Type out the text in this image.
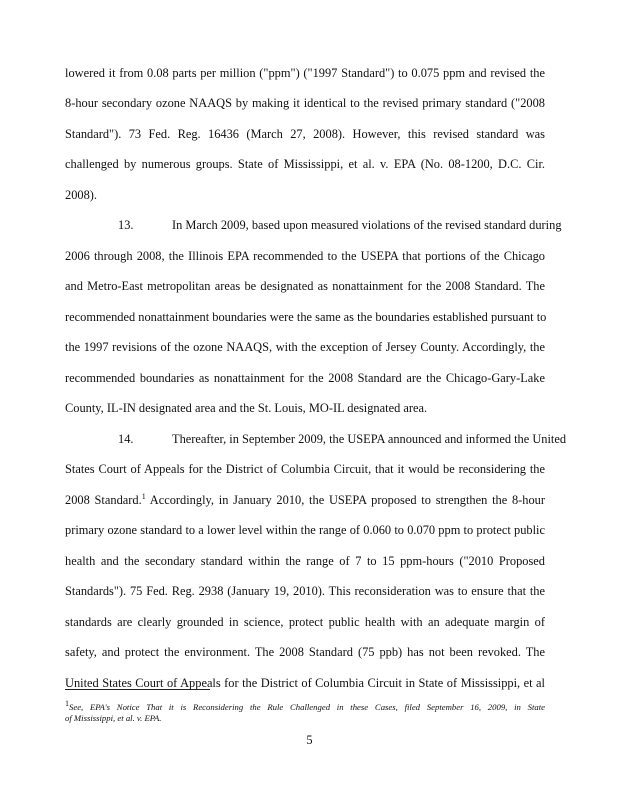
lowered it from 0.08 parts per million ("ppm") ("1997 Standard") to 0.075 ppm and revised the

8-hour secondary ozone NAAQS by making it identical to the revised primary standard ("2008

Standard"). 73 Fed. Reg. 16436 (March 27, 2008). However, this revised standard was

challenged by numerous groups. State of Mississippi, et al. v. EPA (No. 08-1200, D.C. Cir.

2008).

13.	In March 2009, based upon measured violations of the revised standard during

2006 through 2008, the Illinois EPA recommended to the USEPA that portions of the Chicago

and Metro-East metropolitan areas be designated as nonattainment for the 2008 Standard. The

recommended nonattainment boundaries were the same as the boundaries established pursuant to

the 1997 revisions of the ozone NAAQS, with the exception of Jersey County. Accordingly, the

recommended boundaries as nonattainment for the 2008 Standard are the Chicago-Gary-Lake

County, IL-IN designated area and the St. Louis, MO-IL designated area.

14.	Thereafter, in September 2009, the USEPA announced and informed the United

States Court of Appeals for the District of Columbia Circuit, that it would be reconsidering the

2008 Standard.$^1$ Accordingly, in January 2010, the USEPA proposed to strengthen the 8-hour

primary ozone standard to a lower level within the range of 0.060 to 0.070 ppm to protect public

health and the secondary standard within the range of 7 to 15 ppm-hours ("2010 Proposed

Standards"). 75 Fed. Reg. 2938 (January 19, 2010). This reconsideration was to ensure that the

standards are clearly grounded in science, protect public health with an adequate margin of

safety, and protect the environment. The 2008 Standard (75 ppb) has not been revoked. The

United States Court of Appeals for the District of Columbia Circuit in State of Mississippi, et al

$^1$See, EPA's Notice That it is Reconsidering the Rule Challenged in these Cases, filed September 16, 2009, in State

of Mississippi, et al. v. EPA.

5
